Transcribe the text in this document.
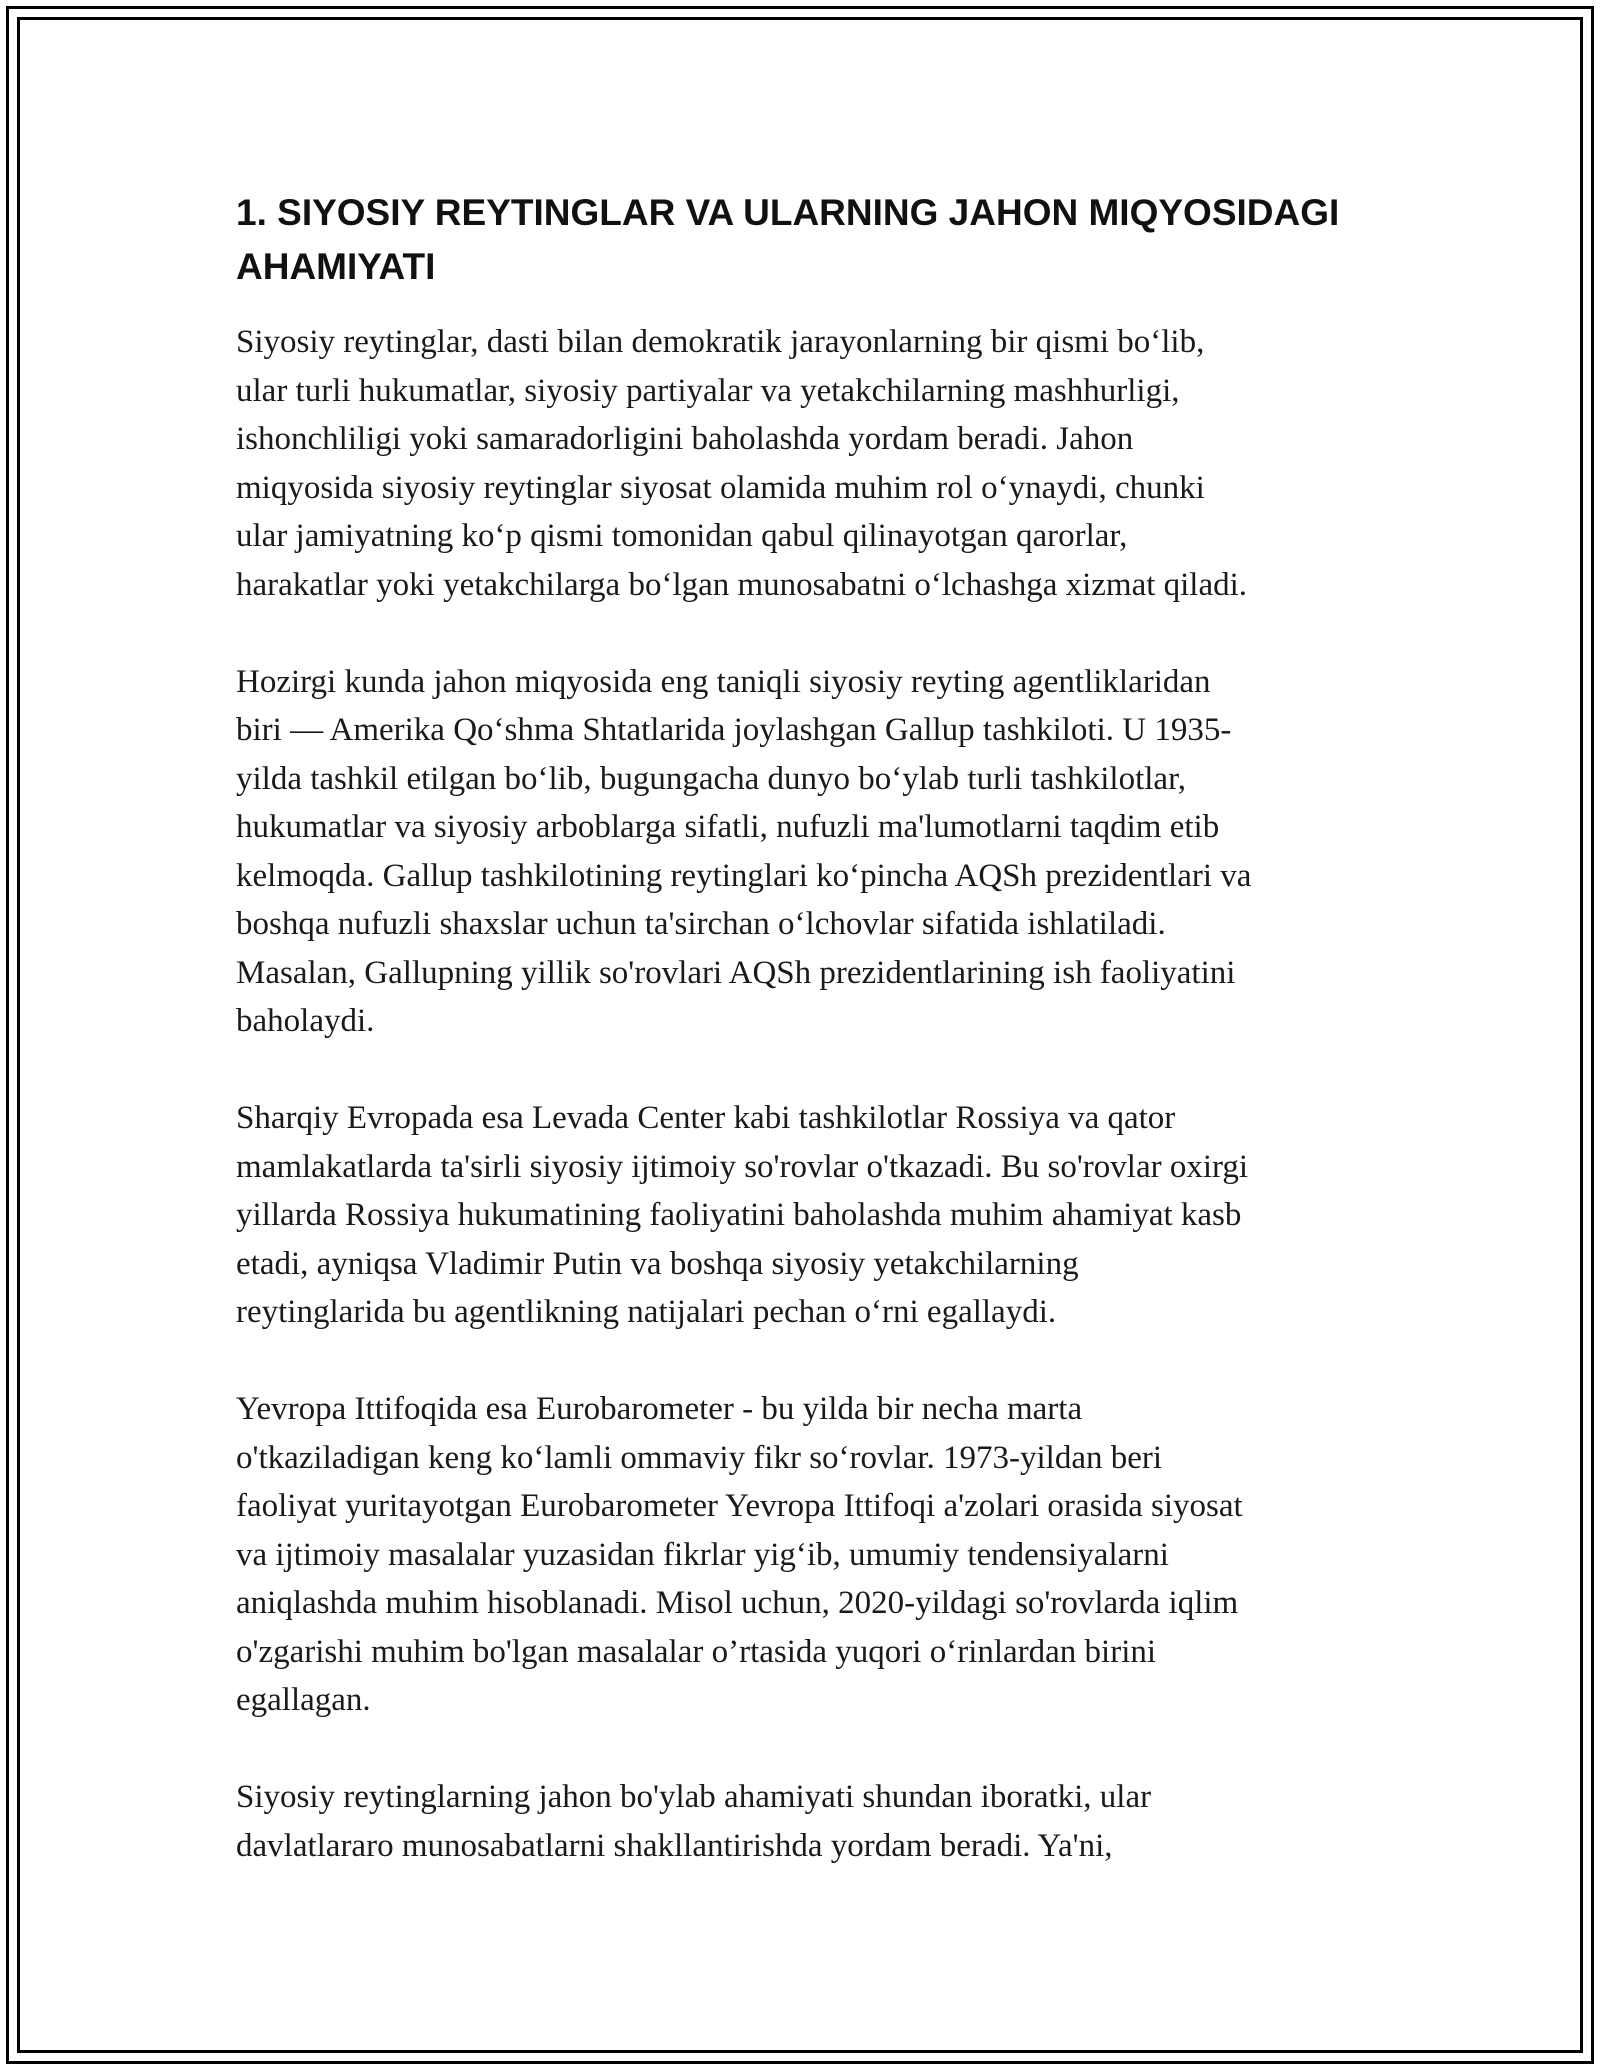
1. SIYOSIY REYTINGLAR VA ULARNING JAHON MIQYOSIDAGI AHAMIYATI

Siyosiy reytinglar, dasti bilan demokratik jarayonlarning bir qismi bo‘lib,
ular turli hukumatlar, siyosiy partiyalar va yetakchilarning mashhurligi,
ishonchliligi yoki samaradorligini baholashda yordam beradi. Jahon
miqyosida siyosiy reytinglar siyosat olamida muhim rol o‘ynaydi, chunki
ular jamiyatning ko‘p qismi tomonidan qabul qilinayotgan qarorlar,
harakatlar yoki yetakchilarga bo‘lgan munosabatni o‘lchashga xizmat qiladi.

Hozirgi kunda jahon miqyosida eng taniqli siyosiy reyting agentliklaridan
biri — Amerika Qo‘shma Shtatlarida joylashgan Gallup tashkiloti. U 1935-
yilda tashkil etilgan bo‘lib, bugungacha dunyo bo‘ylab turli tashkilotlar,
hukumatlar va siyosiy arboblarga sifatli, nufuzli ma'lumotlarni taqdim etib
kelmoqda. Gallup tashkilotining reytinglari ko‘pincha AQSh prezidentlari va
boshqa nufuzli shaxslar uchun ta'sirchan o‘lchovlar sifatida ishlatiladi.
Masalan, Gallupning yillik so'rovlari AQSh prezidentlarining ish faoliyatini
baholaydi.

Sharqiy Evropada esa Levada Center kabi tashkilotlar Rossiya va qator
mamlakatlarda ta'sirli siyosiy ijtimoiy so'rovlar o'tkazadi. Bu so'rovlar oxirgi
yillarda Rossiya hukumatining faoliyatini baholashda muhim ahamiyat kasb
etadi, ayniqsa Vladimir Putin va boshqa siyosiy yetakchilarning
reytinglarida bu agentlikning natijalari pechan o‘rni egallaydi.

Yevropa Ittifoqida esa Eurobarometer - bu yilda bir necha marta
o'tkaziladigan keng ko‘lamli ommaviy fikr so‘rovlar. 1973-yildan beri
faoliyat yuritayotgan Eurobarometer Yevropa Ittifoqi a'zolari orasida siyosat
va ijtimoiy masalalar yuzasidan fikrlar yig‘ib, umumiy tendensiyalarni
aniqlashda muhim hisoblanadi. Misol uchun, 2020-yildagi so'rovlarda iqlim
o'zgarishi muhim bo'lgan masalalar o’rtasida yuqori o‘rinlardan birini
egallagan.

Siyosiy reytinglarning jahon bo'ylab ahamiyati shundan iboratki, ular
davlatlararo munosabatlarni shakllantirishda yordam beradi. Ya'ni,
